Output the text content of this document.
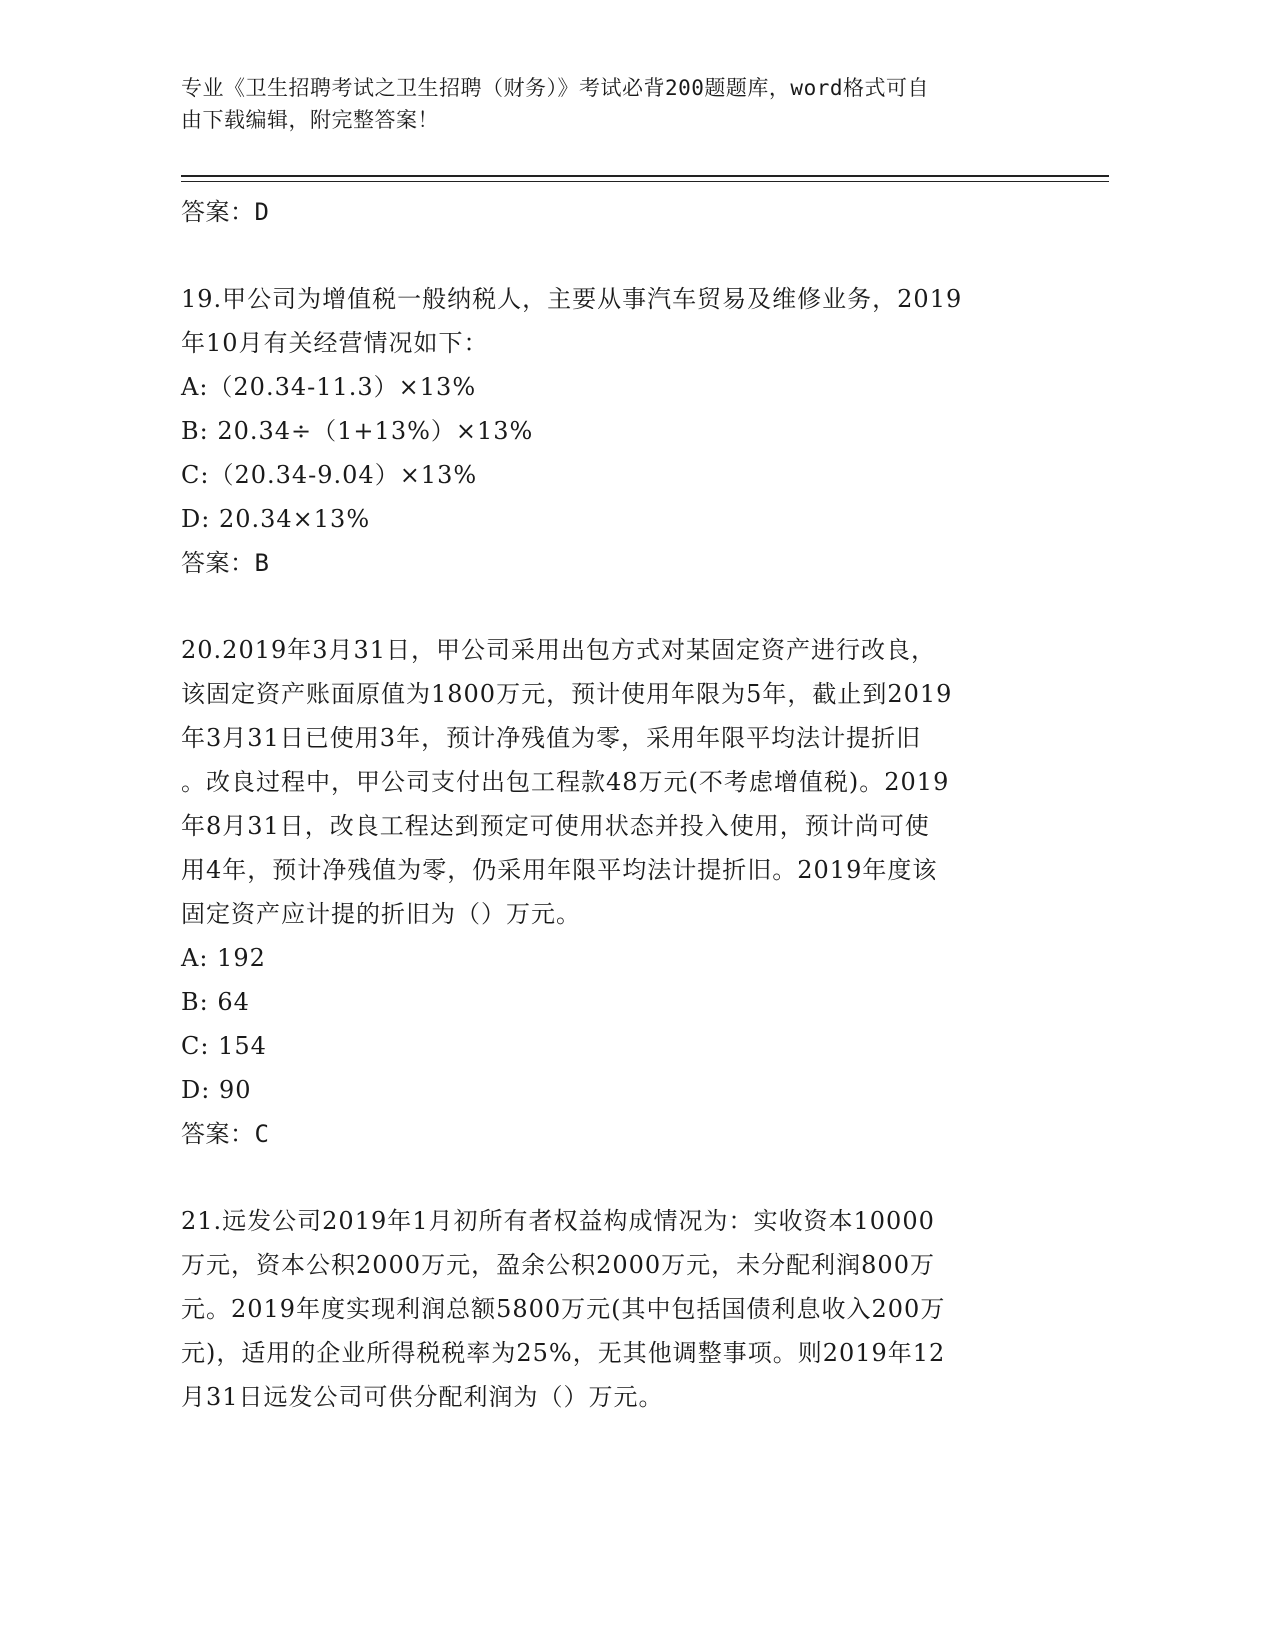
专业《卫生招聘考试之卫生招聘（财务）》考试必背200题题库，word格式可自
由下载编辑，附完整答案！
答案：D
19.甲公司为增值税一般纳税人，主要从事汽车贸易及维修业务，2019
年10月有关经营情况如下：
A:（20.34-11.3）×13%
B: 20.34÷（1+13%）×13%
C:（20.34-9.04）×13%
D: 20.34×13%
答案：B
20.2019年3月31日，甲公司采用出包方式对某固定资产进行改良，
该固定资产账面原值为1800万元，预计使用年限为5年，截止到2019
年3月31日已使用3年，预计净残值为零，采用年限平均法计提折旧
。改良过程中，甲公司支付出包工程款48万元(不考虑增值税)。2019
年8月31日，改良工程达到预定可使用状态并投入使用，预计尚可使
用4年，预计净残值为零，仍采用年限平均法计提折旧。2019年度该
固定资产应计提的折旧为（）万元。
A: 192
B: 64
C: 154
D: 90
答案：C
21.远发公司2019年1月初所有者权益构成情况为：实收资本10000
万元，资本公积2000万元，盈余公积2000万元，未分配利润800万
元。2019年度实现利润总额5800万元(其中包括国债利息收入200万
元)，适用的企业所得税税率为25%，无其他调整事项。则2019年12
月31日远发公司可供分配利润为（）万元。
